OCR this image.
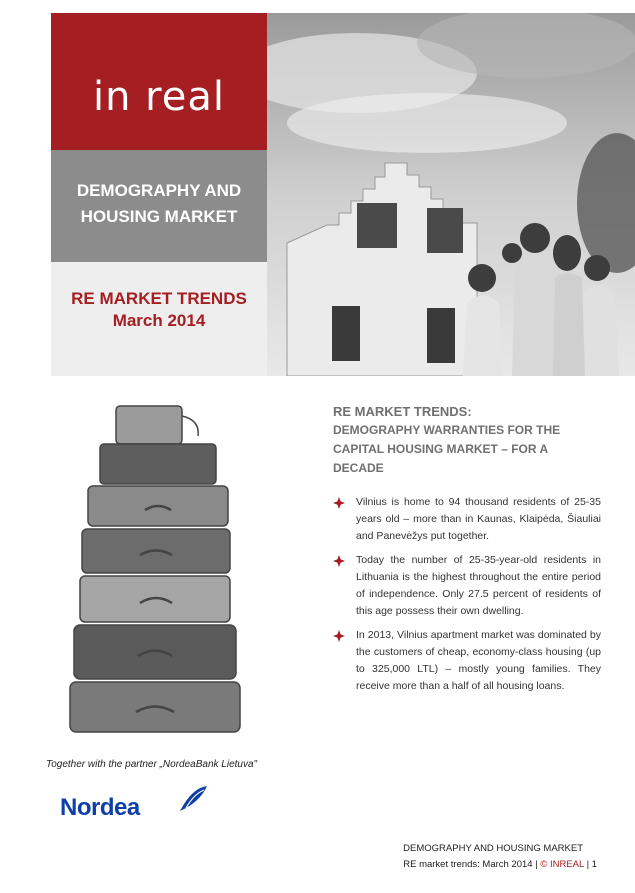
in real
DEMOGRAPHY AND
HOUSING MARKET
RE MARKET TRENDS
March 2014
Together with the partner „NordeaBank Lietuva"
Nordea
RE MARKET TRENDS:
DEMOGRAPHY WARRANTIES FOR THE CAPITAL HOUSING MARKET – FOR A DECADE
Vilnius is home to 94 thousand residents of 25-35 years old – more than in Kaunas, Klaipėda, Šiauliai and Panevėžys put together.
Today the number of 25-35-year-old residents in Lithuania is the highest throughout the entire period of independence. Only 27.5 percent of residents of this age possess their own dwelling.
In 2013, Vilnius apartment market was dominated by the customers of cheap, economy-class housing (up to 325,000 LTL) – mostly young families. They receive more than a half of all housing loans.
DEMOGRAPHY AND HOUSING MARKET
RE market trends: March 2014 | © INREAL | 1
